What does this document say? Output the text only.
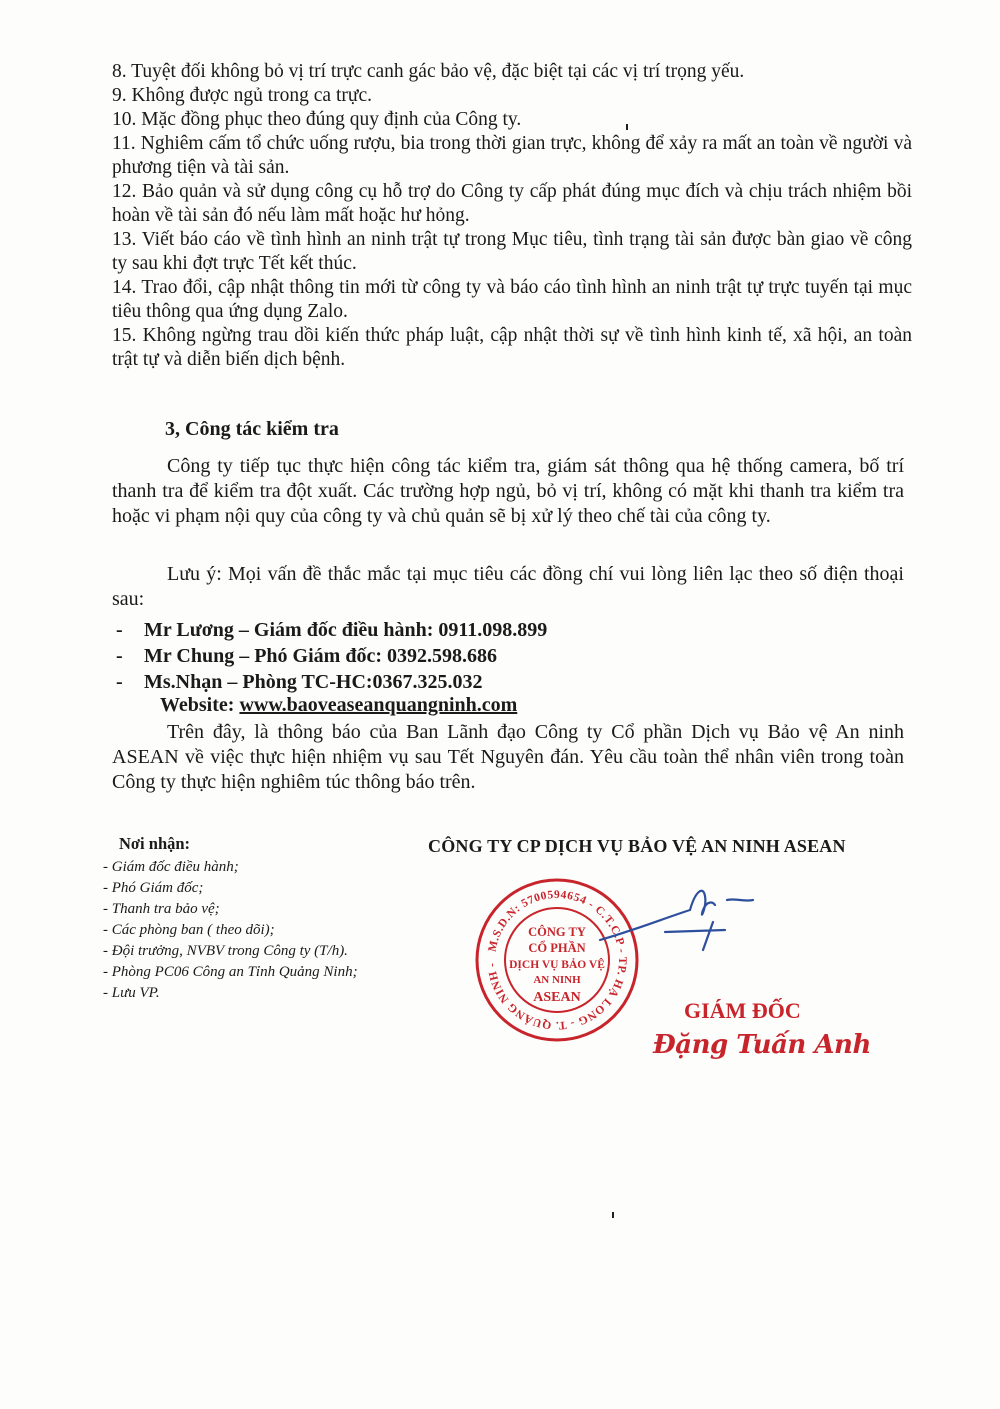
8. Tuyệt đối không bỏ vị trí trực canh gác bảo vệ, đặc biệt tại các vị trí trọng yếu.

9. Không được ngủ trong ca trực.

10. Mặc đồng phục theo đúng quy định của Công ty.

11. Nghiêm cấm tổ chức uống rượu, bia trong thời gian trực, không để xảy ra mất an toàn về người và phương tiện và tài sản.

12. Bảo quản và sử dụng công cụ hỗ trợ do Công ty cấp phát đúng mục đích và chịu trách nhiệm bồi hoàn về tài sản đó nếu làm mất hoặc hư hỏng.

13. Viết báo cáo về tình hình an ninh trật tự trong Mục tiêu, tình trạng tài sản được bàn giao về công ty sau khi đợt trực Tết kết thúc.

14. Trao đổi, cập nhật thông tin mới từ công ty và báo cáo tình hình an ninh trật tự trực tuyến tại mục tiêu thông qua ứng dụng Zalo.

15. Không ngừng trau dồi kiến thức pháp luật, cập nhật thời sự về tình hình kinh tế, xã hội, an toàn trật tự và diễn biến dịch bệnh.

3, Công tác kiểm tra

Công ty tiếp tục thực hiện công tác kiểm tra, giám sát thông qua hệ thống camera, bố trí thanh tra để kiểm tra đột xuất. Các trường hợp ngủ, bỏ vị trí, không có mặt khi thanh tra kiểm tra hoặc vi phạm nội quy của công ty và chủ quản sẽ bị xử lý theo chế tài của công ty.

Lưu ý: Mọi vấn đề thắc mắc tại mục tiêu các đồng chí vui lòng liên lạc theo số điện thoại sau:

- Mr Lương – Giám đốc điều hành: 0911.098.899
- Mr Chung – Phó Giám đốc: 0392.598.686
- Ms.Nhạn – Phòng TC-HC:0367.325.032
Website: www.baoveaseanquangninh.com

Trên đây, là thông báo của Ban Lãnh đạo Công ty Cổ phần Dịch vụ Bảo vệ An ninh ASEAN về việc thực hiện nhiệm vụ sau Tết Nguyên đán. Yêu cầu toàn thể nhân viên trong toàn Công ty thực hiện nghiêm túc thông báo trên.

Nơi nhận:
- Giám đốc điều hành;
- Phó Giám đốc;
- Thanh tra bảo vệ;
- Các phòng ban ( theo dõi);
- Đội trưởng, NVBV trong Công ty (T/h).
- Phòng PC06 Công an Tỉnh Quảng Ninh;
- Lưu VP.
CÔNG TY CP DỊCH VỤ BẢO VỆ AN NINH ASEAN
M.S.D.N: 5700594654 - C.T.C.P - TP. HẠ LONG - T. QUẢNG NINH -
CÔNG TY
CỔ PHẦN
DỊCH VỤ BẢO VỆ
AN NINH
ASEAN
GIÁM ĐỐC
Đặng Tuấn Anh
